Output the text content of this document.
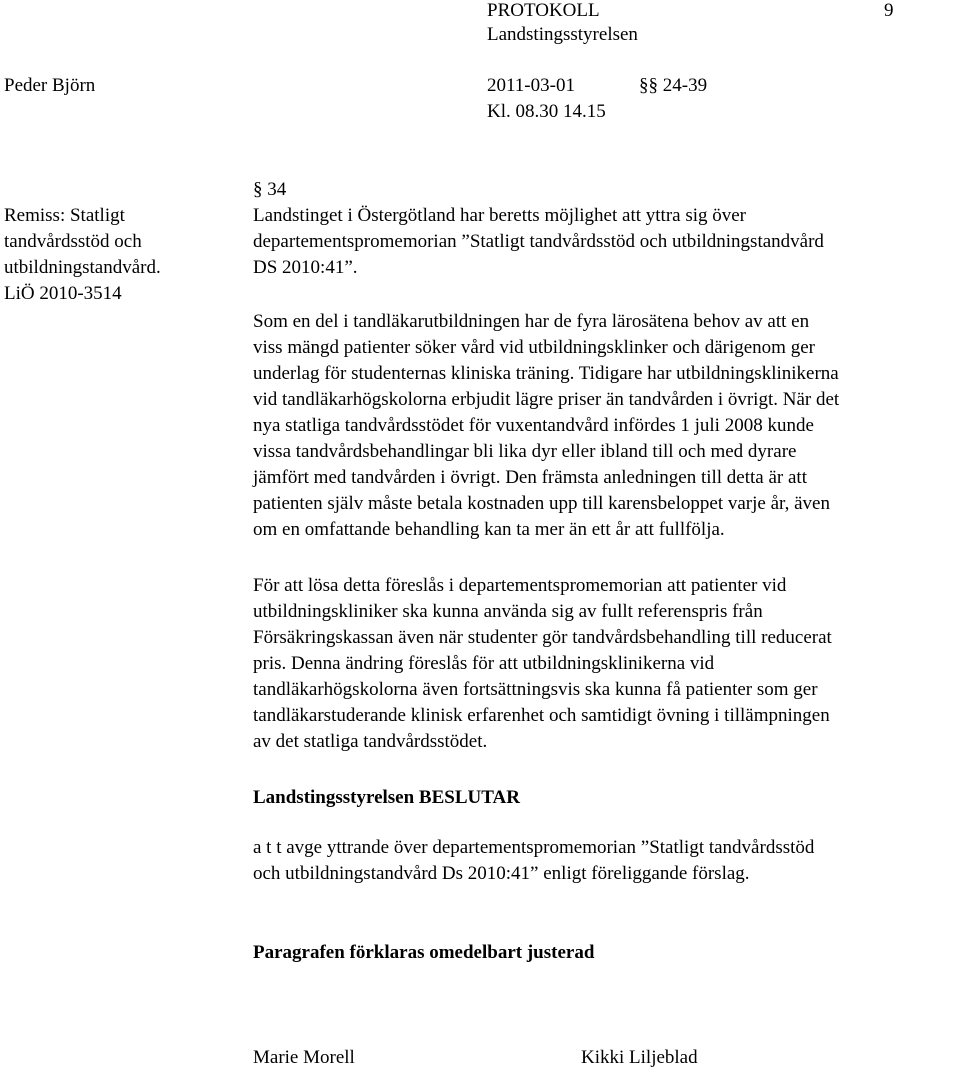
PROTOKOLL	9
Landstingsstyrelsen
Peder Björn	2011-03-01	§§ 24-39
Kl. 08.30 14.15
Remiss: Statligt
tandvårdsstöd och
utbildningstandvård.
LiÖ 2010-3514
§ 34
Landstinget i Östergötland har beretts möjlighet att yttra sig över
departementspromemorian ”Statligt tandvårdsstöd och utbildningstandvård
DS 2010:41”.
Som en del i tandläkarutbildningen har de fyra lärosätena behov av att en
viss mängd patienter söker vård vid utbildningsklinker och därigenom ger
underlag för studenternas kliniska träning. Tidigare har utbildningsklinikerna
vid tandläkarhögskolorna erbjudit lägre priser än tandvården i övrigt. När det
nya statliga tandvårdsstödet för vuxentandvård infördes 1 juli 2008 kunde
vissa tandvårdsbehandlingar bli lika dyr eller ibland till och med dyrare
jämfört med tandvården i övrigt. Den främsta anledningen till detta är att
patienten själv måste betala kostnaden upp till karensbeloppet varje år, även
om en omfattande behandling kan ta mer än ett år att fullfölja.
För att lösa detta föreslås i departementspromemorian att patienter vid
utbildningskliniker ska kunna använda sig av fullt referenspris från
Försäkringskassan även när studenter gör tandvårdsbehandling till reducerat
pris. Denna ändring föreslås för att utbildningsklinikerna vid
tandläkarhögskolorna även fortsättningsvis ska kunna få patienter som ger
tandläkarstuderande klinisk erfarenhet och samtidigt övning i tillämpningen
av det statliga tandvårdsstödet.
Landstingsstyrelsen BESLUTAR
a t t avge yttrande över departementspromemorian ”Statligt tandvårdsstöd
och utbildningstandvård Ds 2010:41” enligt föreliggande förslag.
Paragrafen förklaras omedelbart justerad
Marie Morell	Kikki Liljeblad
